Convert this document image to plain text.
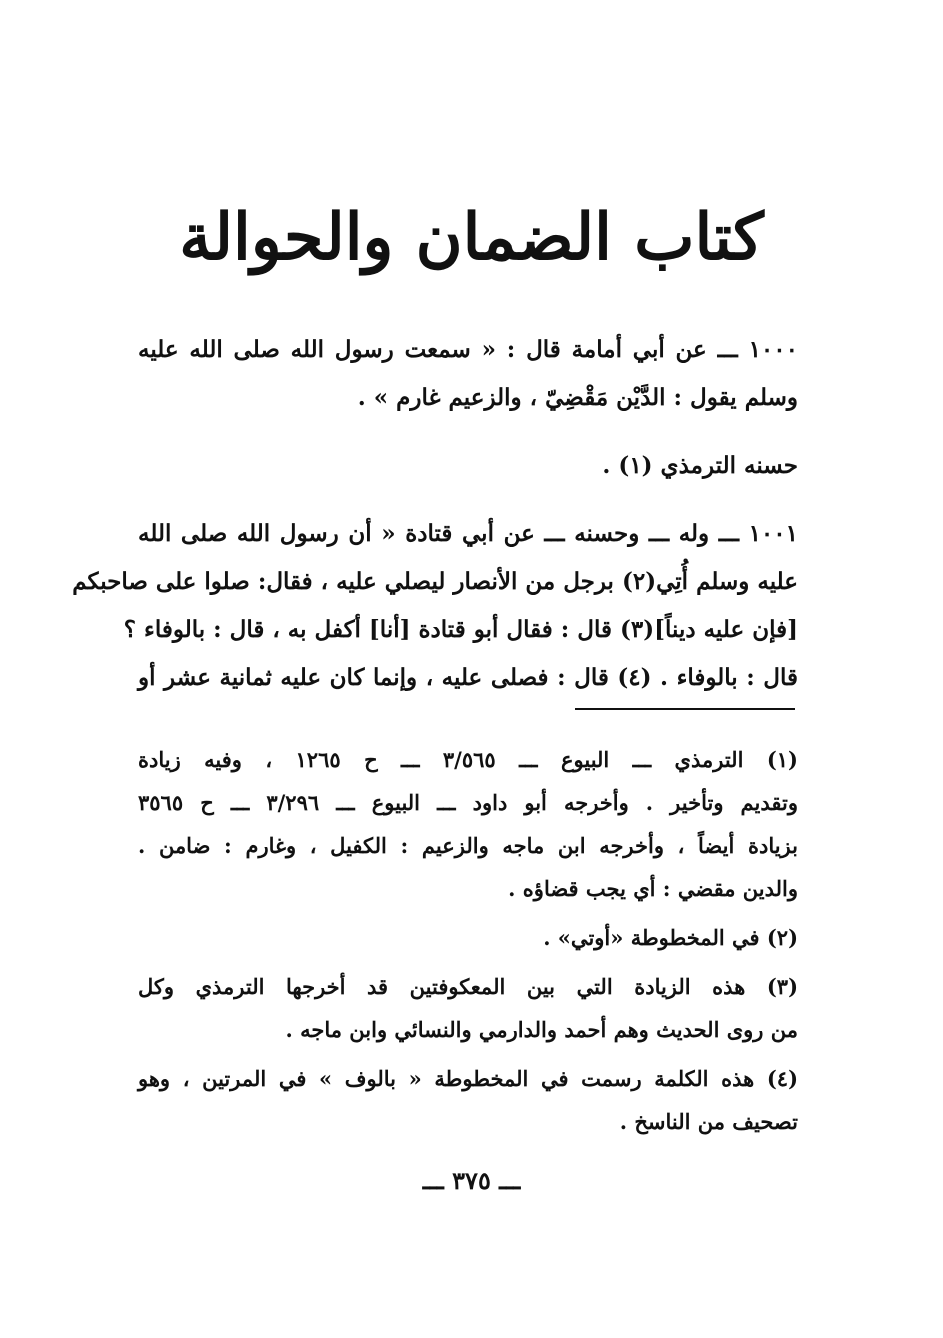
كتاب الضمان والحوالة
١٠٠٠ ـــ عن أبي أمامة قال : « سمعت رسول الله صلى الله عليه
وسلم يقول : الدَّيْن مَقْضِيّ ، والزعيم غارم » .
حسنه الترمذي (١) .
١٠٠١ ـــ وله ـــ وحسنه ـــ عن أبي قتادة « أن رسول الله صلى الله
عليه وسلم أُتِي(٢) برجل من الأنصار ليصلي عليه ، فقال: صلوا على صاحبكم
[فإن عليه ديناً](٣) قال : فقال أبو قتادة [أنا] أكفل به ، قال : بالوفاء ؟
قال : بالوفاء . (٤) قال : فصلى عليه ، وإنما كان عليه ثمانية عشر أو
(١) الترمذي ـــ البيوع ـــ ٣/٥٦٥ ـــ ح ١٢٦٥ ، وفيه زيادة
وتقديم وتأخير . وأخرجه أبو داود ـــ البيوع ـــ ٣/٢٩٦ ـــ ح ٣٥٦٥
بزيادة أيضاً ، وأخرجه ابن ماجه والزعيم : الكفيل ، وغارم : ضامن .
والدين مقضي : أي يجب قضاؤه .
(٢) في المخطوطة «أوتي» .
(٣) هذه الزيادة التي بين المعكوفتين قد أخرجها الترمذي وكل
من روى الحديث وهم أحمد والدارمي والنسائي وابن ماجه .
(٤) هذه الكلمة رسمت في المخطوطة « بالوف » في المرتين ، وهو
تصحيف من الناسخ .
ـــ ٣٧٥ ـــ
